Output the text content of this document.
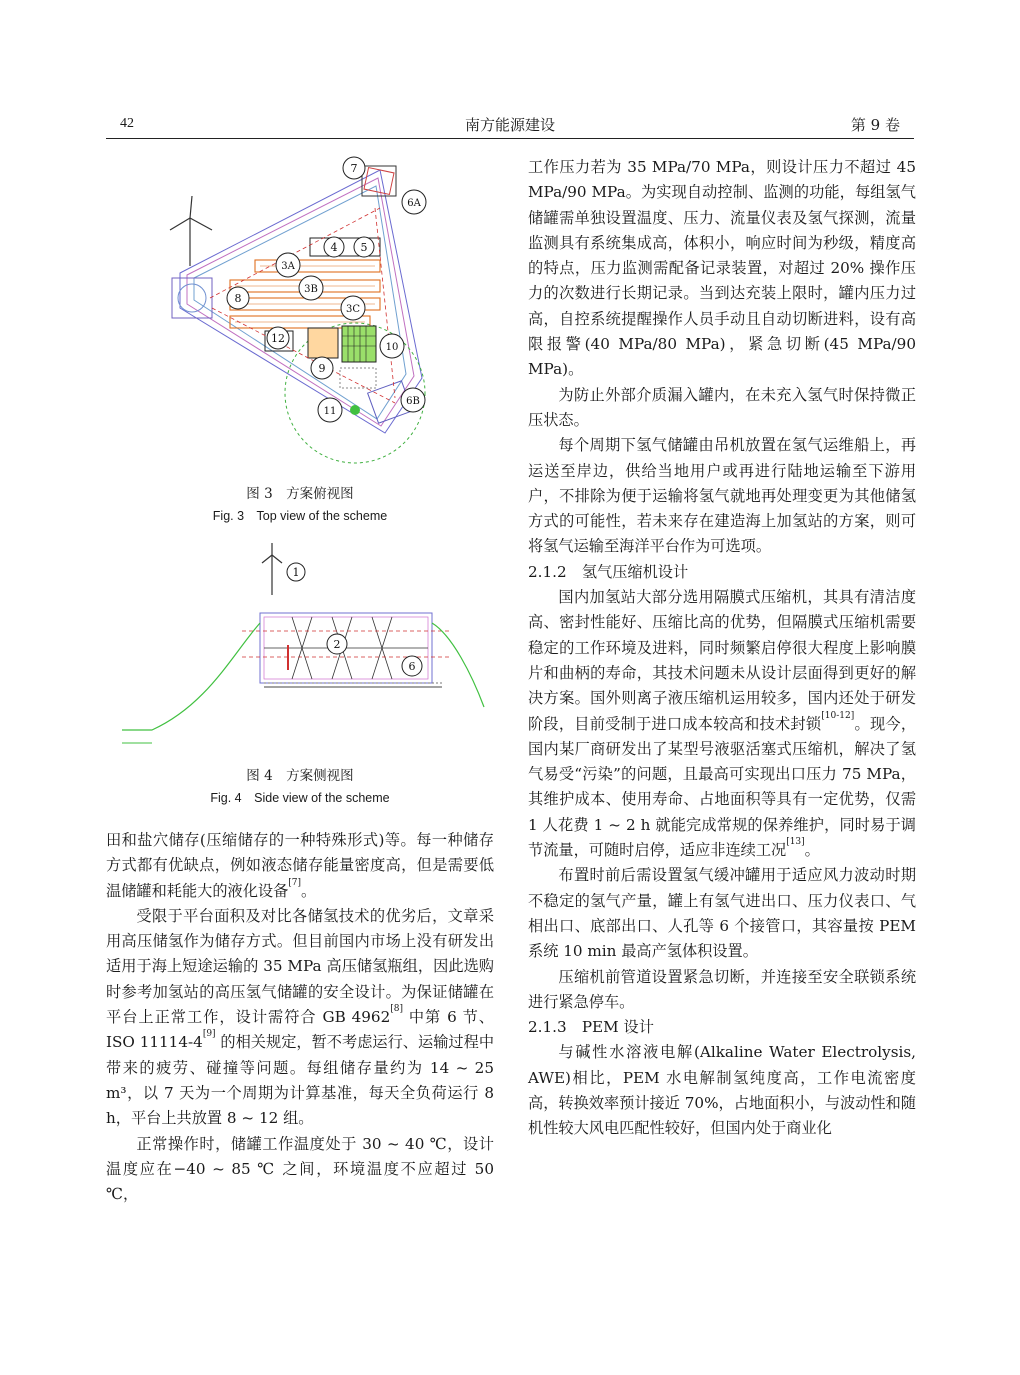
42	南方能源建设	第 9 卷
7
6A
4 5
3A
3B
3C
8
12
10
9
11
6B
图 3　方案俯视图
Fig. 3　Top view of the scheme
1
2
6
图 4　方案侧视图
Fig. 4　Side view of the scheme

田和盐穴储存(压缩储存的一种特殊形式)等。每一种储存方式都有优缺点，例如液态储存能量密度高，但是需要低温储罐和耗能大的液化设备[7]。

受限于平台面积及对比各储氢技术的优劣后，文章采用高压储氢作为储存方式。但目前国内市场上没有研发出适用于海上短途运输的 35 MPa 高压储氢瓶组，因此选购时参考加氢站的高压氢气储罐的安全设计。为保证储罐在平台上正常工作，设计需符合 GB 4962[8] 中第 6 节、ISO 11114-4[9] 的相关规定，暂不考虑运行、运输过程中带来的疲劳、碰撞等问题。每组储存量约为 14 ~ 25 m³，以 7 天为一个周期为计算基准，每天全负荷运行 8 h，平台上共放置 8 ~ 12 组。

正常操作时，储罐工作温度处于 30 ~ 40 ℃，设计温度应在−40 ~ 85 ℃ 之间，环境温度不应超过 50 ℃，

工作压力若为 35 MPa/70 MPa，则设计压力不超过 45 MPa/90 MPa。为实现自动控制、监测的功能，每组氢气储罐需单独设置温度、压力、流量仪表及氢气探测，流量监测具有系统集成高，体积小，响应时间为秒级，精度高的特点，压力监测需配备记录装置，对超过 20% 操作压力的次数进行长期记录。当到达充装上限时，罐内压力过高，自控系统提醒操作人员手动且自动切断进料，设有高限报警(40 MPa/80 MPa)，紧急切断(45 MPa/90 MPa)。

为防止外部介质漏入罐内，在未充入氢气时保持微正压状态。

每个周期下氢气储罐由吊机放置在氢气运维船上，再运送至岸边，供给当地用户或再进行陆地运输至下游用户，不排除为便于运输将氢气就地再处理变更为其他储氢方式的可能性，若未来存在建造海上加氢站的方案，则可将氢气运输至海洋平台作为可选项。

2.1.2　氢气压缩机设计

国内加氢站大部分选用隔膜式压缩机，其具有清洁度高、密封性能好、压缩比高的优势，但隔膜式压缩机需要稳定的工作环境及进料，同时频繁启停很大程度上影响膜片和曲柄的寿命，其技术问题未从设计层面得到更好的解决方案。国外则离子液压缩机运用较多，国内还处于研发阶段，目前受制于进口成本较高和技术封锁[10-12]。现今，国内某厂商研发出了某型号液驱活塞式压缩机，解决了氢气易受“污染”的问题，且最高可实现出口压力 75 MPa，其维护成本、使用寿命、占地面积等具有一定优势，仅需 1 人花费 1 ~ 2 h 就能完成常规的保养维护，同时易于调节流量，可随时启停，适应非连续工况[13]。

布置时前后需设置氢气缓冲罐用于适应风力波动时期不稳定的氢气产量，罐上有氢气进出口、压力仪表口、气相出口、底部出口、人孔等 6 个接管口，其容量按 PEM 系统 10 min 最高产氢体积设置。

压缩机前管道设置紧急切断，并连接至安全联锁系统进行紧急停车。

2.1.3　PEM 设计

与碱性水溶液电解(Alkaline Water Electrolysis, AWE)相比，PEM 水电解制氢纯度高，工作电流密度高，转换效率预计接近 70%，占地面积小，与波动性和随机性较大风电匹配性较好，但国内处于商业化
